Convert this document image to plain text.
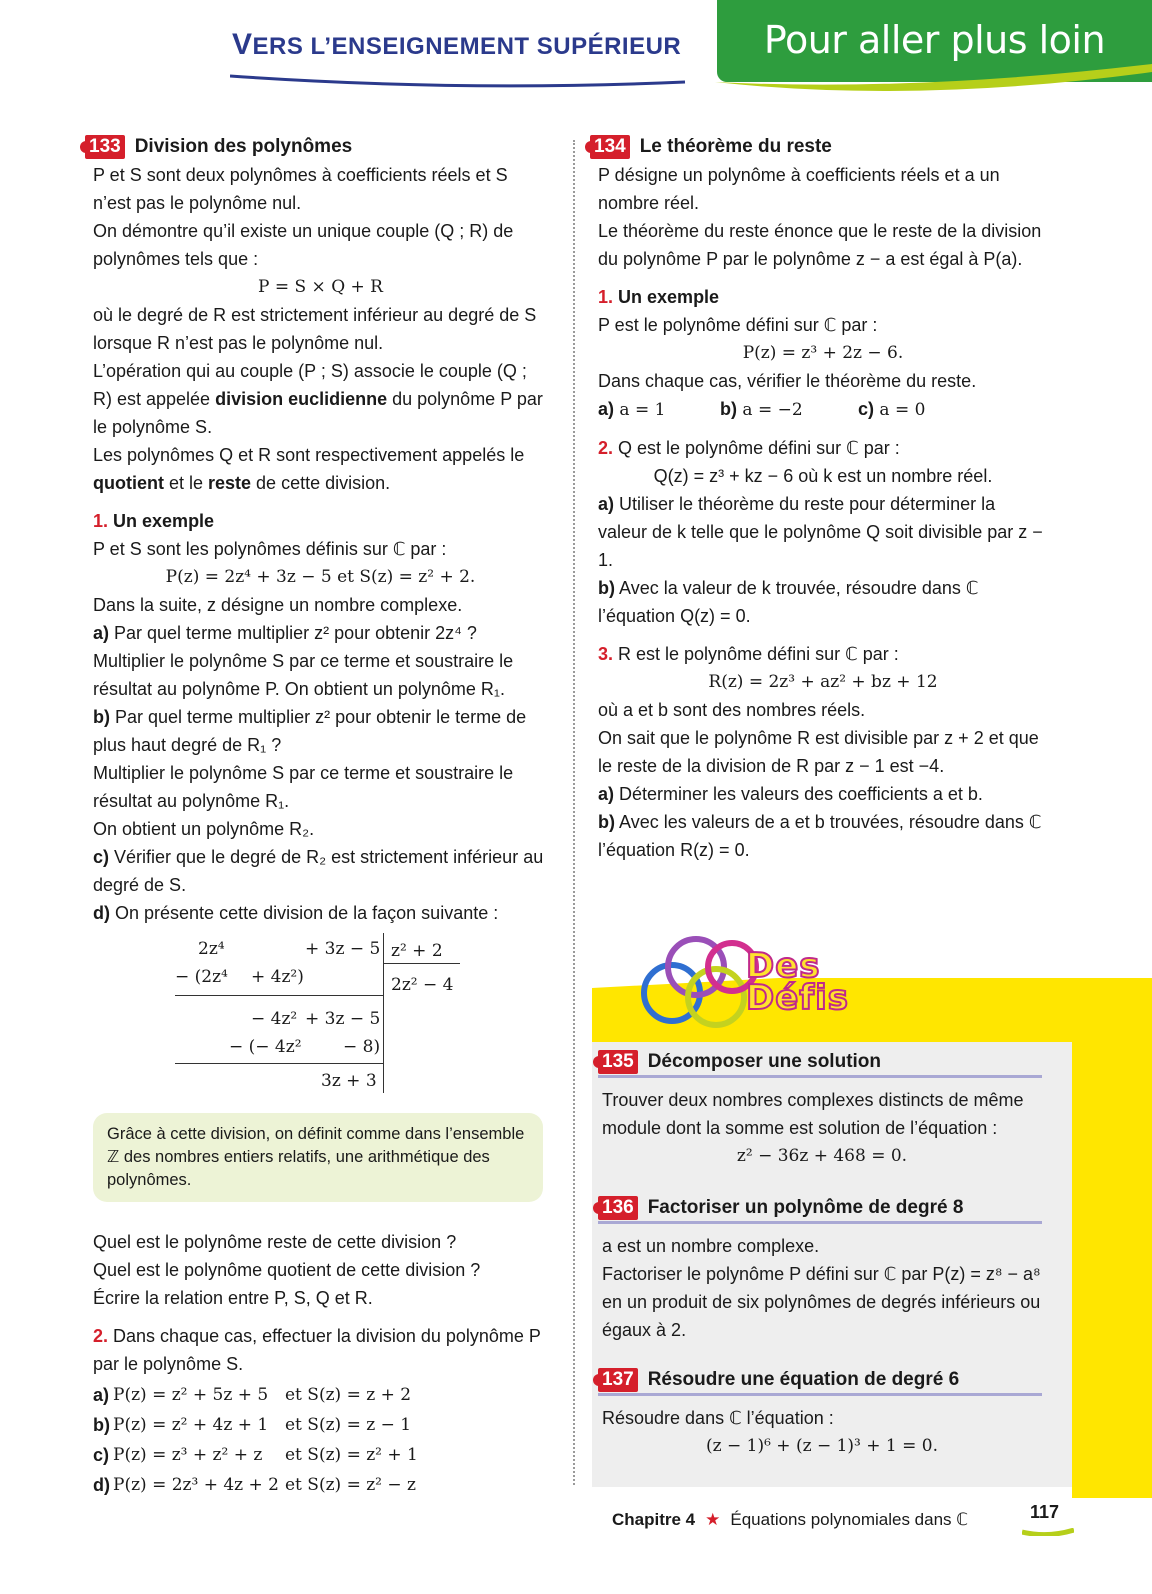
VERS L’ENSEIGNEMENT SUPÉRIEUR	Pour aller plus loin
133 Division des polynômes

P et S sont deux polynômes à coefficients réels et S n’est pas le polynôme nul.

On démontre qu’il existe un unique couple (Q ; R) de polynômes tels que :

P = S × Q + R

où le degré de R est strictement inférieur au degré de S lorsque R n’est pas le polynôme nul.

L’opération qui au couple (P ; S) associe le couple (Q ; R) est appelée division euclidienne du polynôme P par le polynôme S.

Les polynômes Q et R sont respectivement appelés le quotient et le reste de cette division.

1. Un exemple

P et S sont les polynômes définis sur ℂ par :

P(z) = 2z⁴ + 3z − 5 et S(z) = z² + 2.

Dans la suite, z désigne un nombre complexe.

a) Par quel terme multiplier z² pour obtenir 2z⁴ ?

Multiplier le polynôme S par ce terme et soustraire le résultat au polynôme P. On obtient un polynôme R₁.

b) Par quel terme multiplier z² pour obtenir le terme de plus haut degré de R₁ ?

Multiplier le polynôme S par ce terme et soustraire le résultat au polynôme R₁.

On obtient un polynôme R₂.

c) Vérifier que le degré de R₂ est strictement inférieur au degré de S.

d) On présente cette division de la façon suivante :

2z⁴	+ 3z − 5
− (2z⁴ + 4z²)
− 4z² + 3z − 5
− (− 4z² − 8)
3z + 3
z² + 2
2z² − 4

Grâce à cette division, on définit comme dans l’ensemble ℤ des nombres entiers relatifs, une arithmétique des polynômes.

Quel est le polynôme reste de cette division ?

Quel est le polynôme quotient de cette division ?

Écrire la relation entre P, S, Q et R.

2. Dans chaque cas, effectuer la division du polynôme P par le polynôme S.

a) P(z) = z² + 5z + 5 et S(z) = z + 2
b) P(z) = z² + 4z + 1 et S(z) = z − 1
c) P(z) = z³ + z² + z	et S(z) = z² + 1
d) P(z) = 2z³ + 4z + 2 et S(z) = z² − z
134 Le théorème du reste

P désigne un polynôme à coefficients réels et a un nombre réel.

Le théorème du reste énonce que le reste de la division du polynôme P par le polynôme z − a est égal à P(a).

1. Un exemple

P est le polynôme défini sur ℂ par :

P(z) = z³ + 2z − 6.

Dans chaque cas, vérifier le théorème du reste.

a) a = 1	b) a = −2	c) a = 0

2. Q est le polynôme défini sur ℂ par :

Q(z) = z³ + kz − 6 où k est un nombre réel.

a) Utiliser le théorème du reste pour déterminer la valeur de k telle que le polynôme Q soit divisible par z − 1.

b) Avec la valeur de k trouvée, résoudre dans ℂ l’équation Q(z) = 0.

3. R est le polynôme défini sur ℂ par :

R(z) = 2z³ + az² + bz + 12

où a et b sont des nombres réels.

On sait que le polynôme R est divisible par z + 2 et que le reste de la division de R par z − 1 est −4.

a) Déterminer les valeurs des coefficients a et b.

b) Avec les valeurs de a et b trouvées, résoudre dans ℂ l’équation R(z) = 0.

Des
Défis
135 Décomposer une solution

Trouver deux nombres complexes distincts de même module dont la somme est solution de l’équation :

z² − 36z + 468 = 0.

136 Factoriser un polynôme de degré 8

a est un nombre complexe.

Factoriser le polynôme P défini sur ℂ par P(z) = z⁸ − a⁸ en un produit de six polynômes de degrés inférieurs ou égaux à 2.

137 Résoudre une équation de degré 6

Résoudre dans ℂ l’équation :

(z − 1)⁶ + (z − 1)³ + 1 = 0.

Chapitre 4 ★ Équations polynomiales dans ℂ	117
